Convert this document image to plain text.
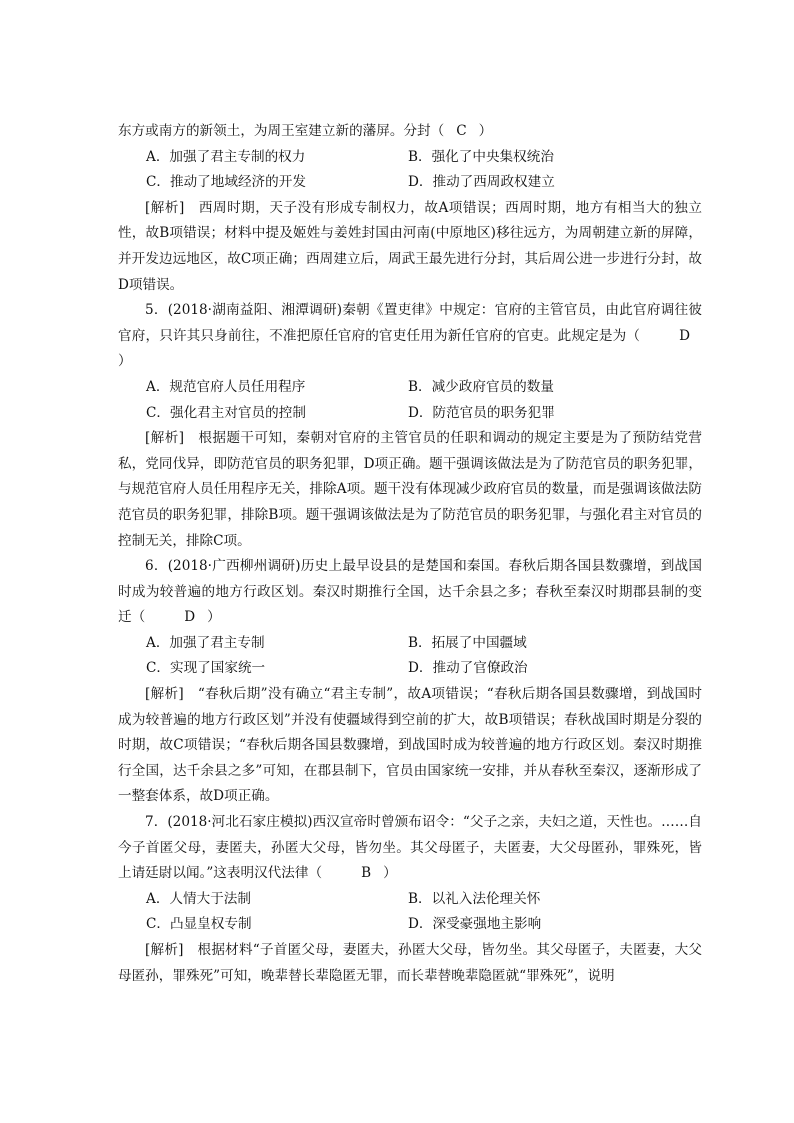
东方或南方的新领土，为周王室建立新的藩屏。分封（ C ）

A．加强了君主专制的权力	B．强化了中央集权统治
C．推动了地域经济的开发	D．推动了西周政权建立

[解析]　西周时期，天子没有形成专制权力，故A项错误；西周时期，地方有相当大的独立性，故B项错误；材料中提及姬姓与姜姓封国由河南(中原地区)移往远方，为周朝建立新的屏障，并开发边远地区，故C项正确；西周建立后，周武王最先进行分封，其后周公进一步进行分封，故D项错误。

5．(2018·湖南益阳、湘潭调研)秦朝《置吏律》中规定：官府的主管官员，由此官府调往彼官府，只许其只身前往，不准把原任官府的官吏任用为新任官府的官吏。此规定是为（	D）

A．规范官府人员任用程序	B．减少政府官员的数量
C．强化君主对官员的控制	D．防范官员的职务犯罪

[解析]　根据题干可知，秦朝对官府的主管官员的任职和调动的规定主要是为了预防结党营私，党同伐异，即防范官员的职务犯罪，D项正确。题干强调该做法是为了防范官员的职务犯罪，与规范官府人员任用程序无关，排除A项。题干没有体现减少政府官员的数量，而是强调该做法防范官员的职务犯罪，排除B项。题干强调该做法是为了防范官员的职务犯罪，与强化君主对官员的控制无关，排除C项。

6．(2018·广西柳州调研)历史上最早设县的是楚国和秦国。春秋后期各国县数骤增，到战国时成为较普遍的地方行政区划。秦汉时期推行全国，达千余县之多；春秋至秦汉时期郡县制的变迁（	D ）

A．加强了君主专制	B．拓展了中国疆域
C．实现了国家统一	D．推动了官僚政治

[解析]　“春秋后期”没有确立“君主专制”，故A项错误；“春秋后期各国县数骤增，到战国时成为较普遍的地方行政区划”并没有使疆域得到空前的扩大，故B项错误；春秋战国时期是分裂的时期，故C项错误；“春秋后期各国县数骤增，到战国时成为较普遍的地方行政区划。秦汉时期推行全国，达千余县之多”可知，在郡县制下，官员由国家统一安排，并从春秋至秦汉，逐渐形成了一整套体系，故D项正确。

7．(2018·河北石家庄模拟)西汉宣帝时曾颁布诏令：“父子之亲，夫妇之道，天性也。……自今子首匿父母，妻匿夫，孙匿大父母，皆勿坐。其父母匿子，夫匿妻，大父母匿孙，罪殊死，皆上请廷尉以闻。”这表明汉代法律（	B ）

A．人情大于法制	B．以礼入法伦理关怀
C．凸显皇权专制	D．深受豪强地主影响

[解析]　根据材料“子首匿父母，妻匿夫，孙匿大父母，皆勿坐。其父母匿子，夫匿妻，大父母匿孙，罪殊死”可知，晚辈替长辈隐匿无罪，而长辈替晚辈隐匿就“罪殊死”，说明
